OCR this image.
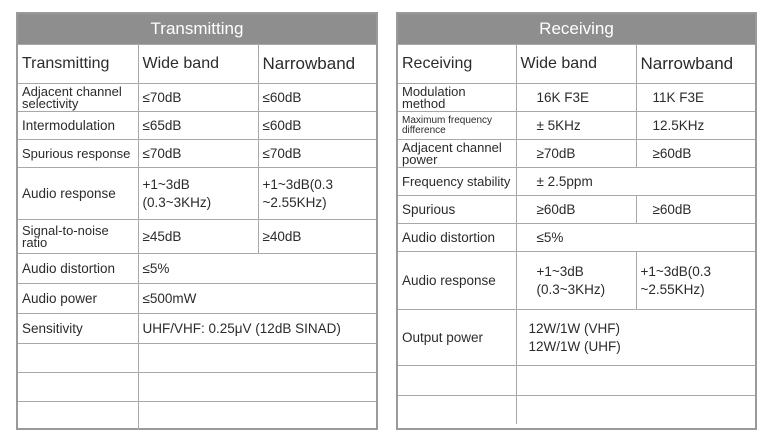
Transmitting
Transmitting	Wide band	Narrowband
Adjacent channel selectivity	≤70dB	≤60dB
Intermodulation	≤65dB	≤60dB
Spurious response	≤70dB	≤70dB
Audio response	+1~3dB (0.3~3KHz)	+1~3dB(0.3 ~2.55KHz)
Signal-to-noise ratio	≥45dB	≥40dB
Audio distortion	≤5%	
Audio power	≤500mW	
Sensitivity	UHF/VHF: 0.25μV (12dB SINAD)	

Receiving
Receiving	Wide band	Narrowband
Modulation method	16K F3E	11K F3E
Maximum frequency difference	± 5KHz	12.5KHz
Adjacent channel power	≥70dB	≥60dB
Frequency stability	± 2.5ppm	
Spurious	≥60dB	≥60dB
Audio distortion	≤5%	
Audio response	+1~3dB (0.3~3KHz)	+1~3dB(0.3 ~2.55KHz)
Output power	12W/1W (VHF) 12W/1W (UHF)	
